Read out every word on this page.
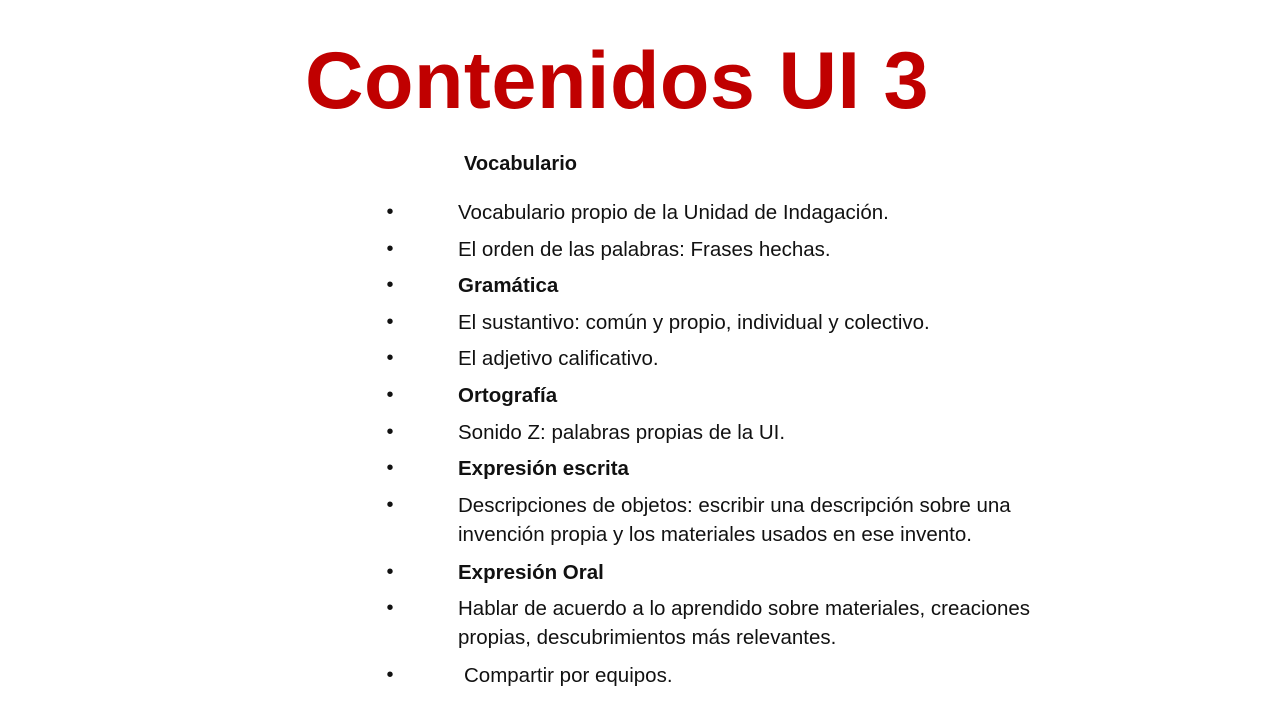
Contenidos UI 3
Vocabulario
•	Vocabulario propio de la Unidad de Indagación.
•	El orden de las palabras: Frases hechas.
•	Gramática
•	El sustantivo: común y propio, individual y colectivo.
•	El adjetivo calificativo.
•	Ortografía
•	Sonido Z: palabras propias de la UI.
•	Expresión escrita
•	Descripciones de objetos: escribir una descripción sobre una invención propia y los materiales usados en ese invento.
•	Expresión Oral
•	Hablar de acuerdo a lo aprendido sobre materiales, creaciones propias, descubrimientos más relevantes.
•	Compartir por equipos.
